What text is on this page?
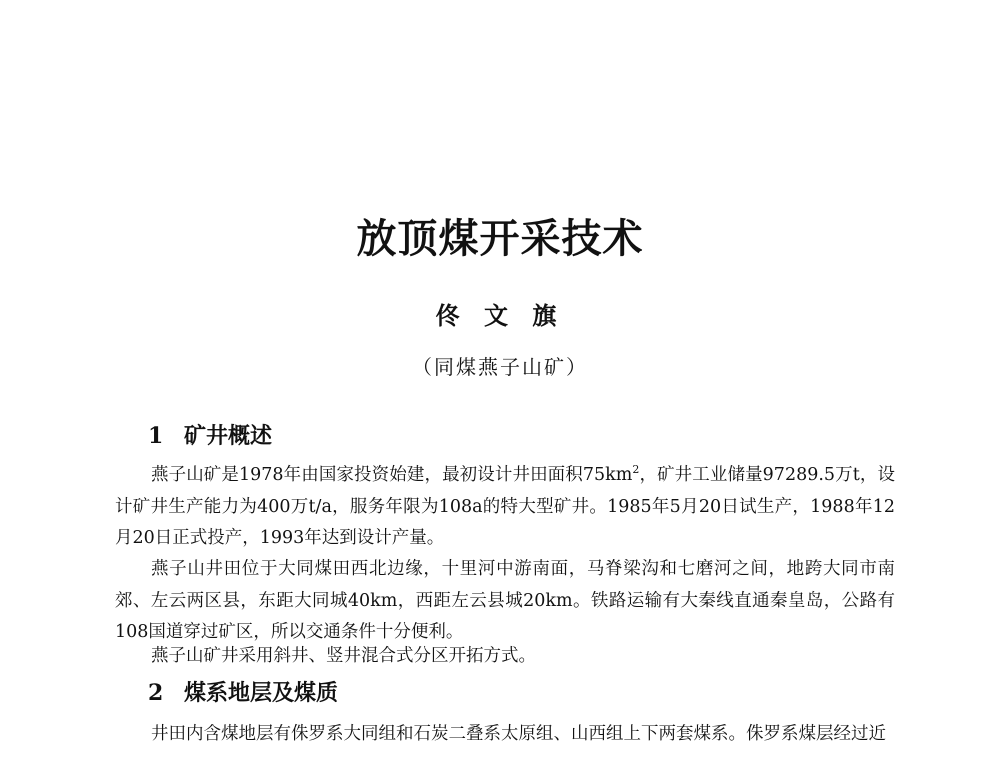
放顶煤开采技术

佟 文 旗

（同煤燕子山矿）

1 矿井概述

燕子山矿是1978年由国家投资始建，最初设计井田面积$75km^2$，矿井工业储量97289.5万t，设计矿井生产能力为400万t/a，服务年限为108a的特大型矿井。1985年5月20日试生产，1988年12月20日正式投产，1993年达到设计产量。

燕子山井田位于大同煤田西北边缘，十里河中游南面，马脊梁沟和七磨河之间，地跨大同市南郊、左云两区县，东距大同城40km，西距左云县城20km。铁路运输有大秦线直通秦皇岛，公路有108国道穿过矿区，所以交通条件十分便利。

燕子山矿井采用斜井、竖井混合式分区开拓方式。

2 煤系地层及煤质

井田内含煤地层有侏罗系大同组和石炭二叠系太原组、山西组上下两套煤系。侏罗系煤层经过近
